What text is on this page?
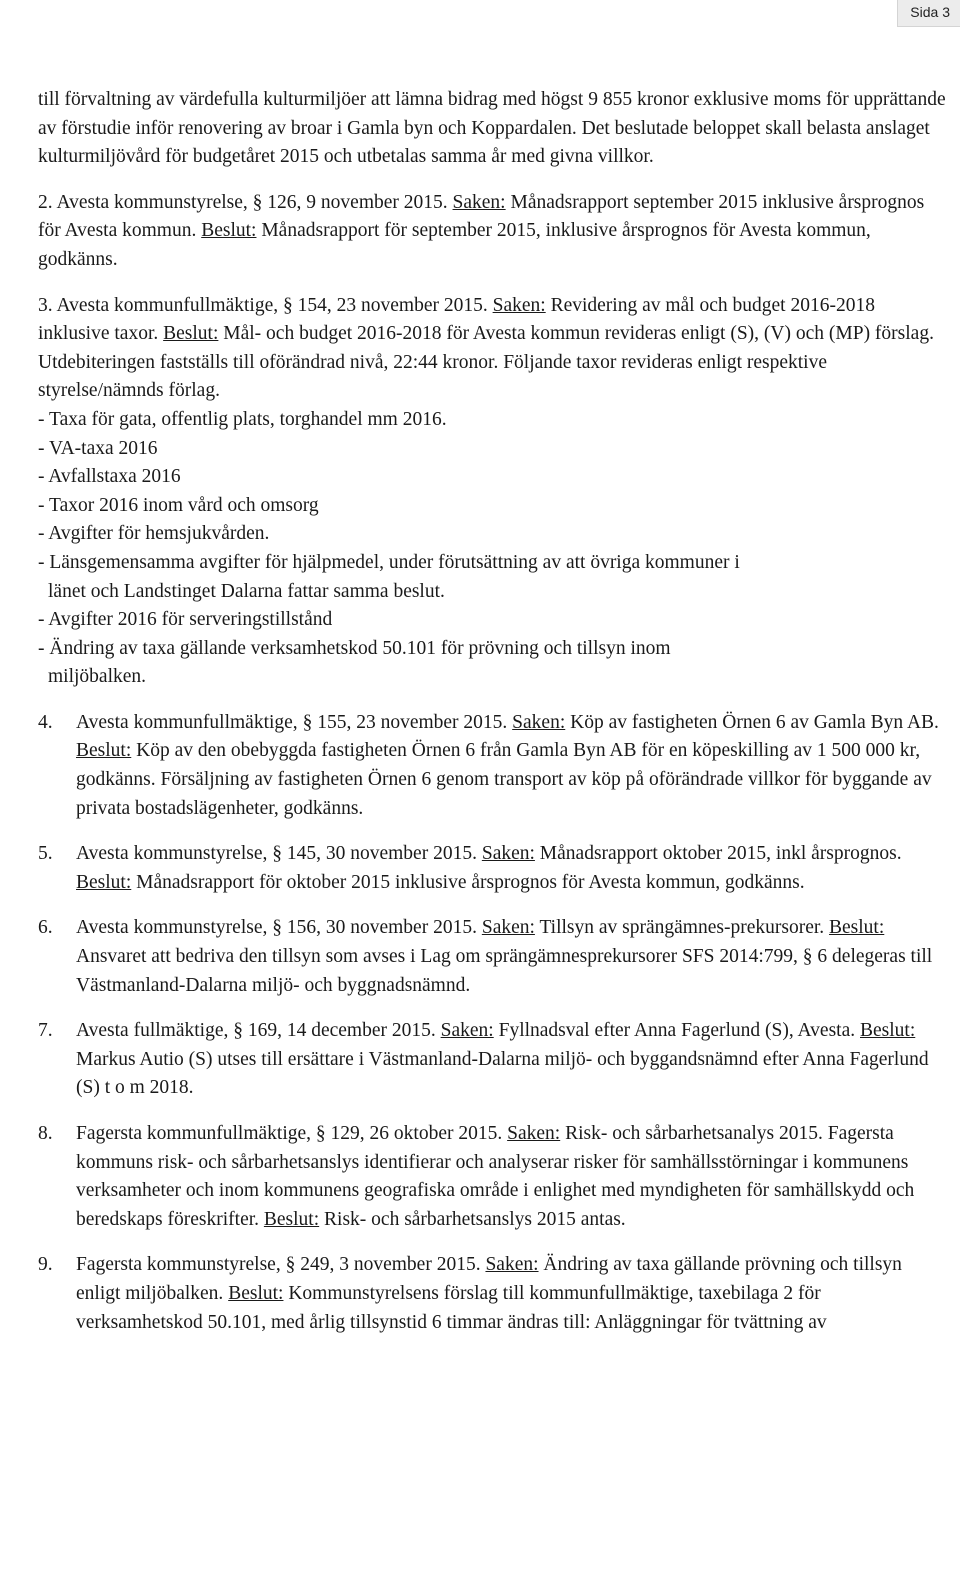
Sida 3

till förvaltning av värdefulla kulturmiljöer att lämna bidrag med högst 9 855 kronor exklusive moms för upprättande av förstudie inför renovering av broar i Gamla byn och Koppardalen. Det beslutade beloppet skall belasta anslaget kulturmiljövård för budgetåret 2015 och utbetalas samma år med givna villkor.

2. Avesta kommunstyrelse, § 126, 9 november 2015. Saken: Månadsrapport september 2015 inklusive årsprognos för Avesta kommun. Beslut: Månadsrapport för september 2015, inklusive årsprognos för Avesta kommun, godkänns.

3. Avesta kommunfullmäktige, § 154, 23 november 2015. Saken: Revidering av mål och budget 2016-2018 inklusive taxor. Beslut: Mål- och budget 2016-2018 för Avesta kommun revideras enligt (S), (V) och (MP) förslag. Utdebiteringen fastställs till oförändrad nivå, 22:44 kronor. Följande taxor revideras enligt respektive styrelse/nämnds förlag.

- Taxa för gata, offentlig plats, torghandel mm 2016.

- VA-taxa 2016

- Avfallstaxa 2016

- Taxor 2016 inom vård och omsorg

- Avgifter för hemsjukvården.

- Länsgemensamma avgifter för hjälpmedel, under förutsättning av att övriga kommuner i

länet och Landstinget Dalarna fattar samma beslut.

- Avgifter 2016 för serveringstillstånd

- Ändring av taxa gällande verksamhetskod 50.101 för prövning och tillsyn inom

miljöbalken.

4. Avesta kommunfullmäktige, § 155, 23 november 2015. Saken: Köp av fastigheten Örnen 6 av Gamla Byn AB. Beslut: Köp av den obebyggda fastigheten Örnen 6 från Gamla Byn AB för en köpeskilling av 1 500 000 kr, godkänns. Försäljning av fastigheten Örnen 6 genom transport av köp på oförändrade villkor för byggande av privata bostadslägenheter, godkänns.

5. Avesta kommunstyrelse, § 145, 30 november 2015. Saken: Månadsrapport oktober 2015, inkl årsprognos. Beslut: Månadsrapport för oktober 2015 inklusive årsprognos för Avesta kommun, godkänns.

6. Avesta kommunstyrelse, § 156, 30 november 2015. Saken: Tillsyn av sprängämnes-prekursorer. Beslut: Ansvaret att bedriva den tillsyn som avses i Lag om sprängämnesprekursorer SFS 2014:799, § 6 delegeras till Västmanland-Dalarna miljö- och byggnadsnämnd.

7. Avesta fullmäktige, § 169, 14 december 2015. Saken: Fyllnadsval efter Anna Fagerlund (S), Avesta. Beslut: Markus Autio (S) utses till ersättare i Västmanland-Dalarna miljö- och byggandsnämnd efter Anna Fagerlund (S) t o m 2018.

8. Fagersta kommunfullmäktige, § 129, 26 oktober 2015. Saken: Risk- och sårbarhetsanalys 2015. Fagersta kommuns risk- och sårbarhetsanslys identifierar och analyserar risker för samhällsstörningar i kommunens verksamheter och inom kommunens geografiska område i enlighet med myndigheten för samhällskydd och beredskaps föreskrifter. Beslut: Risk- och sårbarhetsanslys 2015 antas.

9. Fagersta kommunstyrelse, § 249, 3 november 2015. Saken: Ändring av taxa gällande prövning och tillsyn enligt miljöbalken. Beslut: Kommunstyrelsens förslag till kommunfullmäktige, taxebilaga 2 för verksamhetskod 50.101, med årlig tillsynstid 6 timmar ändras till: Anläggningar för tvättning av
